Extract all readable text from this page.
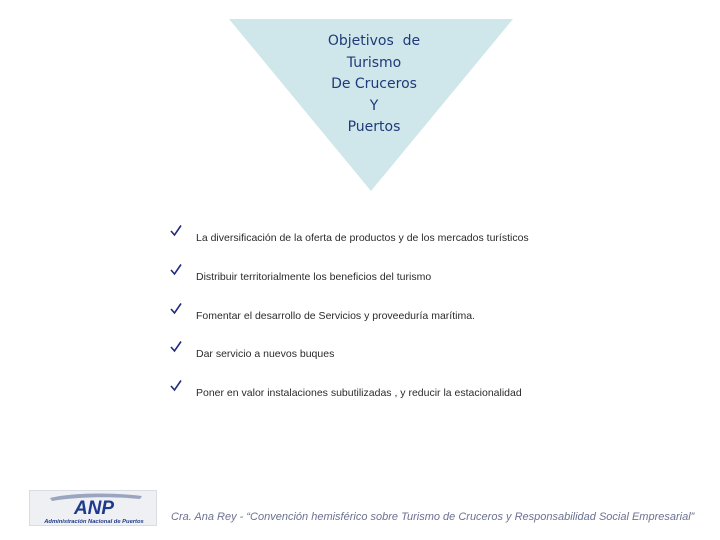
Objetivos  de
Turismo
De Cruceros
Y
Puertos
La diversificación de la oferta de productos y de los mercados turísticos
Distribuir territorialmente los beneficios del turismo
Fomentar el desarrollo de Servicios y proveeduría marítima.
Dar servicio a nuevos buques
Poner en valor instalaciones subutilizadas , y reducir la estacionalidad
ANP
Administración Nacional de Puertos Cra. Ana Rey - “Convención hemisférico sobre Turismo de Cruceros y Responsabilidad Social Empresarial”
